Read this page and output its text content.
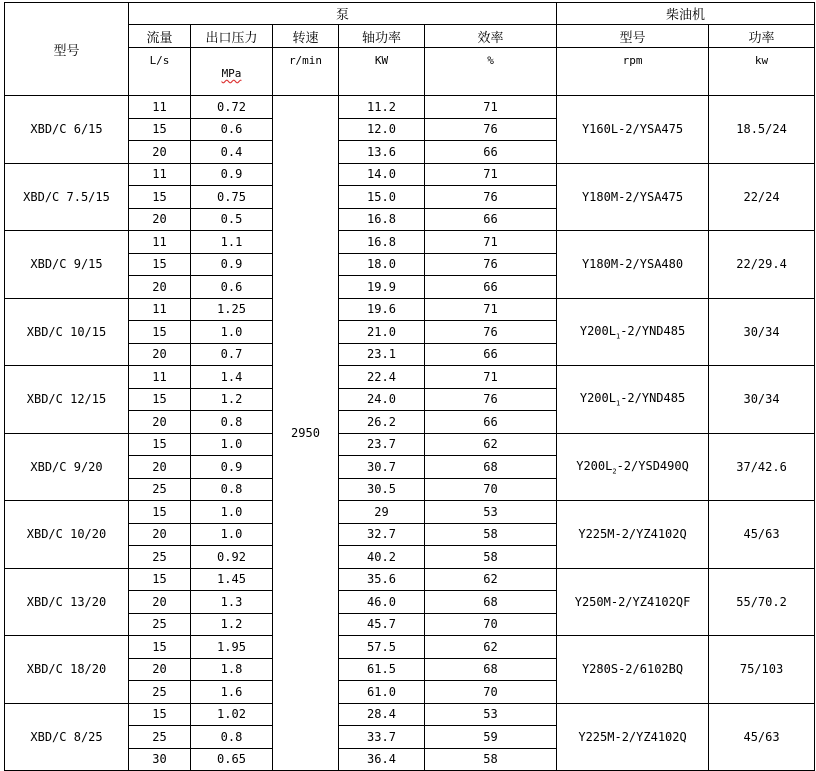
型号	泵					柴油机	
	流量	出口压力	转速	轴功率	效率	型号	功率
	L/s	MPa	r/min	KW	%	rpm	kw
XBD/C 6/15	11	0.72	2950	11.2	71	Y160L-2/YSA475	18.5/24
	15	0.6		12.0	76		
	20	0.4		13.6	66		
XBD/C 7.5/15	11	0.9		14.0	71	Y180M-2/YSA475	22/24
	15	0.75		15.0	76		
	20	0.5		16.8	66		
XBD/C 9/15	11	1.1		16.8	71	Y180M-2/YSA480	22/29.4
	15	0.9		18.0	76		
	20	0.6		19.9	66		
XBD/C 10/15	11	1.25		19.6	71	$Y200L_1-2/YND485$	30/34
	15	1.0		21.0	76		
	20	0.7		23.1	66		
XBD/C 12/15	11	1.4		22.4	71	$Y200L_1-2/YND485$	30/34
	15	1.2		24.0	76		
	20	0.8		26.2	66		
XBD/C 9/20	15	1.0		23.7	62	$Y200L_2-2/YSD490Q$	37/42.6
	20	0.9		30.7	68		
	25	0.8		30.5	70		
XBD/C 10/20	15	1.0		29	53	Y225M-2/YZ4102Q	45/63
	20	1.0		32.7	58		
	25	0.92		40.2	58		
XBD/C 13/20	15	1.45		35.6	62	Y250M-2/YZ4102QF	55/70.2
	20	1.3		46.0	68		
	25	1.2		45.7	70		
XBD/C 18/20	15	1.95		57.5	62	Y280S-2/6102BQ	75/103
	20	1.8		61.5	68		
	25	1.6		61.0	70		
XBD/C 8/25	15	1.02		28.4	53	Y225M-2/YZ4102Q	45/63
	25	0.8		33.7	59		
	30	0.65		36.4	58		
